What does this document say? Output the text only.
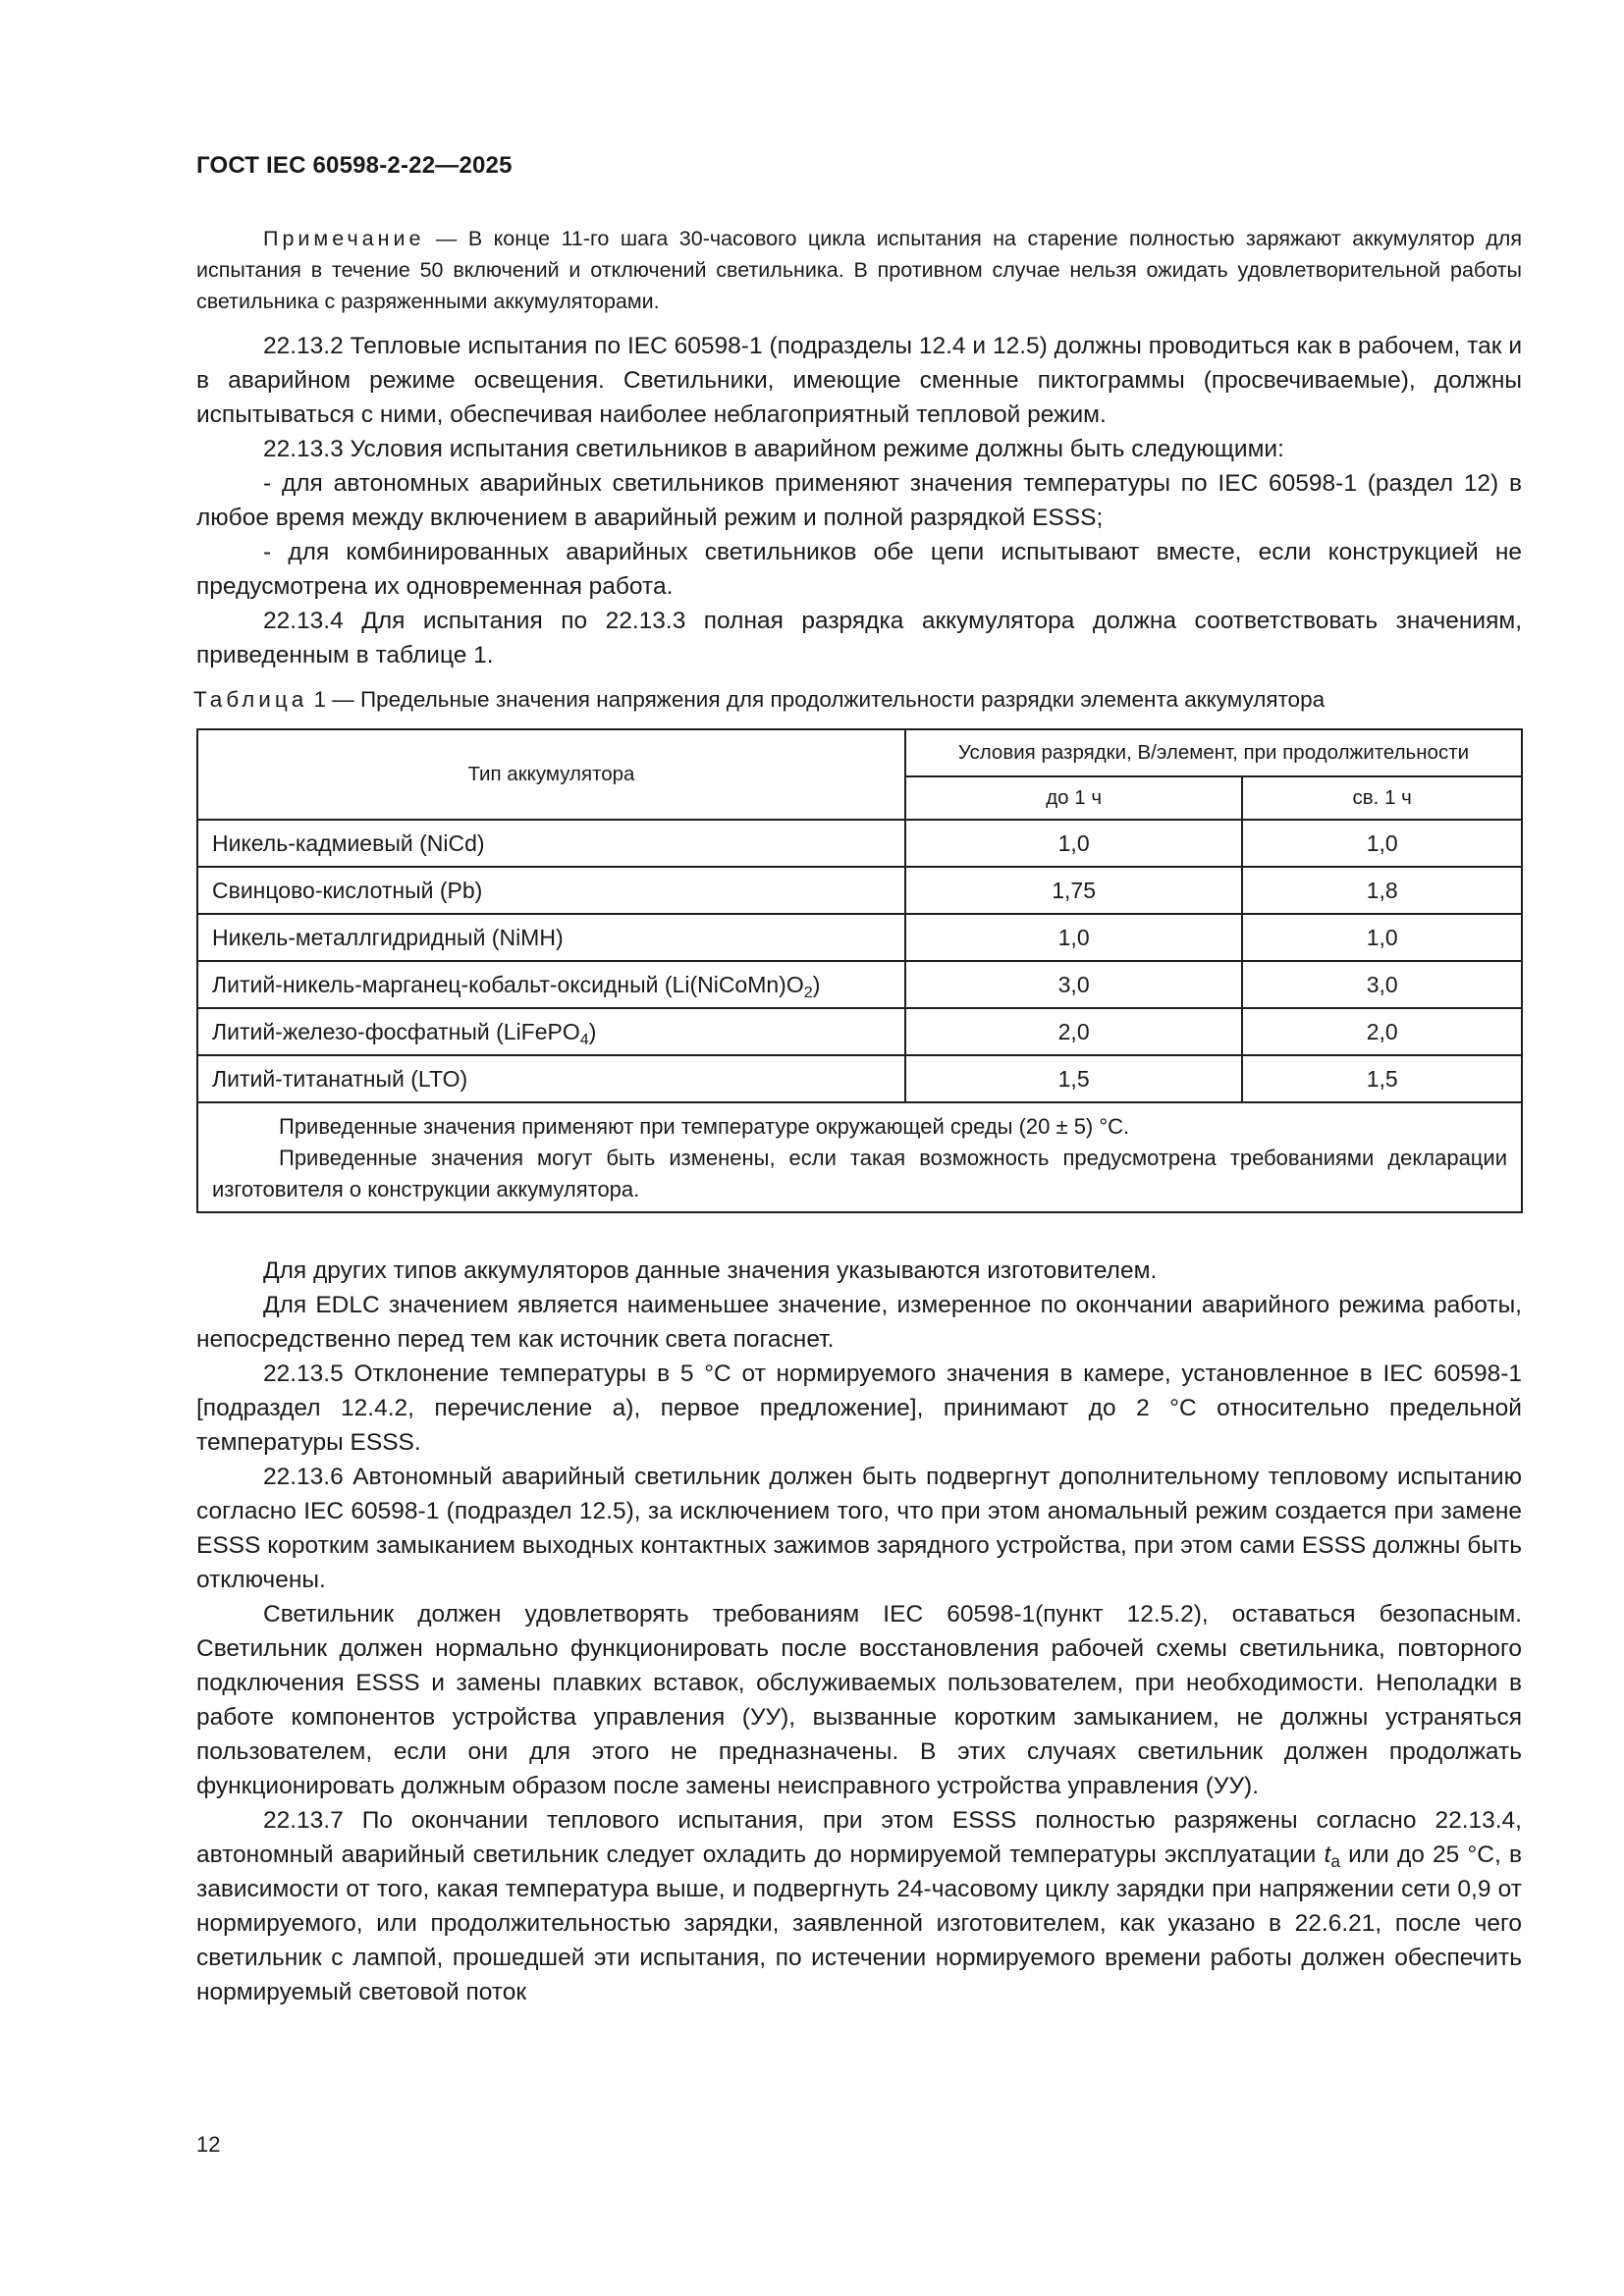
ГОСТ IEC 60598-2-22—2025

Примечание — В конце 11-го шага 30-часового цикла испытания на старение полностью заряжают аккумулятор для испытания в течение 50 включений и отключений светильника. В противном случае нельзя ожидать удовлетворительной работы светильника с разряженными аккумуляторами.

22.13.2 Тепловые испытания по IEC 60598-1 (подразделы 12.4 и 12.5) должны проводиться как в рабочем, так и в аварийном режиме освещения. Светильники, имеющие сменные пиктограммы (просвечиваемые), должны испытываться с ними, обеспечивая наиболее неблагоприятный тепловой режим.

22.13.3 Условия испытания светильников в аварийном режиме должны быть следующими:

- для автономных аварийных светильников применяют значения температуры по IEC 60598-1 (раздел 12) в любое время между включением в аварийный режим и полной разрядкой ESSS;

- для комбинированных аварийных светильников обе цепи испытывают вместе, если конструкцией не предусмотрена их одновременная работа.

22.13.4 Для испытания по 22.13.3 полная разрядка аккумулятора должна соответствовать значениям, приведенным в таблице 1.

Таблица 1 — Предельные значения напряжения для продолжительности разрядки элемента аккумулятора
Тип аккумулятора	Условия разрядки, В/элемент, при продолжительности	
	до 1 ч	св. 1 ч
Никель-кадмиевый (NiCd)	1,0	1,0
Свинцово-кислотный (Pb)	1,75	1,8
Никель-металлгидридный (NiMH)	1,0	1,0
Литий-никель-марганец-кобальт-оксидный $(Li(NiCoMn)O_2)$	3,0	3,0
Литий-железо-фосфатный (LiFePO$_4$)	2,0	2,0
Литий-титанатный (LTO)	1,5	1,5

Приведенные значения применяют при температуре окружающей среды (20 ± 5) °С.

Приведенные значения могут быть изменены, если такая возможность предусмотрена требованиями декларации изготовителя о конструкции аккумулятора.		

Для других типов аккумуляторов данные значения указываются изготовителем.

Для EDLC значением является наименьшее значение, измеренное по окончании аварийного режима работы, непосредственно перед тем как источник света погаснет.

22.13.5 Отклонение температуры в 5 °С от нормируемого значения в камере, установленное в IEC 60598-1 [подраздел 12.4.2, перечисление а), первое предложение], принимают до 2 °С относительно предельной температуры ESSS.

22.13.6 Автономный аварийный светильник должен быть подвергнут дополнительному тепловому испытанию согласно IEC 60598-1 (подраздел 12.5), за исключением того, что при этом аномальный режим создается при замене ESSS коротким замыканием выходных контактных зажимов зарядного устройства, при этом сами ESSS должны быть отключены.

Светильник должен удовлетворять требованиям IEC 60598-1(пункт 12.5.2), оставаться безопасным. Светильник должен нормально функционировать после восстановления рабочей схемы светильника, повторного подключения ESSS и замены плавких вставок, обслуживаемых пользователем, при необходимости. Неполадки в работе компонентов устройства управления (УУ), вызванные коротким замыканием, не должны устраняться пользователем, если они для этого не предназначены. В этих случаях светильник должен продолжать функционировать должным образом после замены неисправного устройства управления (УУ).

22.13.7 По окончании теплового испытания, при этом ESSS полностью разряжены согласно 22.13.4, автономный аварийный светильник следует охладить до нормируемой температуры эксплуатации $t_a$ или до 25 °С, в зависимости от того, какая температура выше, и подвергнуть 24-часовому циклу зарядки при напряжении сети 0,9 от нормируемого, или продолжительностью зарядки, заявленной изготовителем, как указано в 22.6.21, после чего светильник с лампой, прошедшей эти испытания, по истечении нормируемого времени работы должен обеспечить нормируемый световой поток

12
